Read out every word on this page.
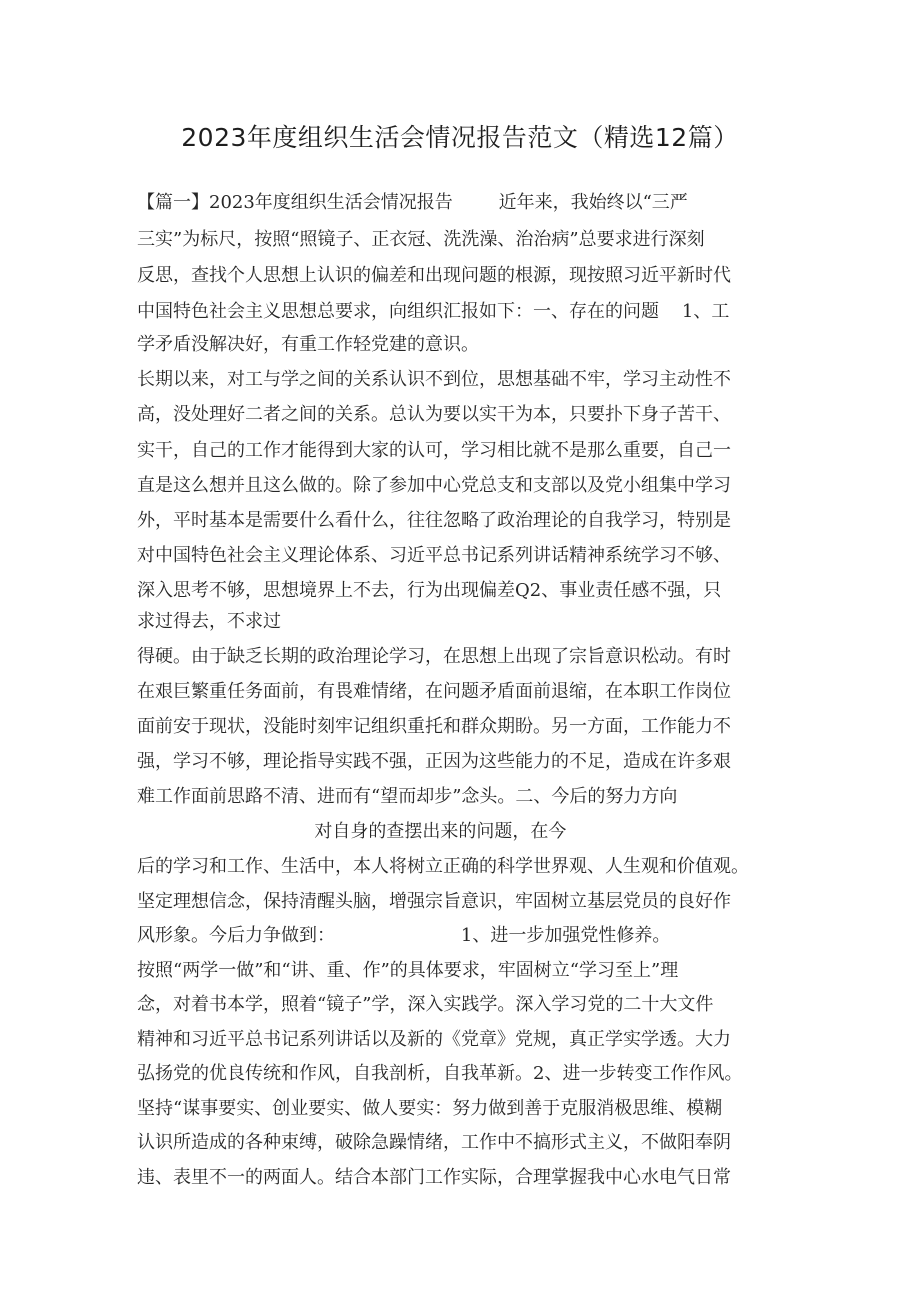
2023年度组织生活会情况报告范文（精选12篇）
【篇一】2023年度组织生活会情况报告        近年来，我始终以“三严
三实”为标尺，按照“照镜子、正衣冠、洗洗澡、治治病”总要求进行深刻
反思，查找个人思想上认识的偏差和出现问题的根源，现按照习近平新时代
中国特色社会主义思想总要求，向组织汇报如下：一、存在的问题    1、工
学矛盾没解决好，有重工作轻党建的意识。
长期以来，对工与学之间的关系认识不到位，思想基础不牢，学习主动性不
高，没处理好二者之间的关系。总认为要以实干为本，只要扑下身子苦干、
实干，自己的工作才能得到大家的认可，学习相比就不是那么重要，自己一
直是这么想并且这么做的。除了参加中心党总支和支部以及党小组集中学习
外，平时基本是需要什么看什么，往往忽略了政治理论的自我学习，特别是
对中国特色社会主义理论体系、习近平总书记系列讲话精神系统学习不够、
深入思考不够，思想境界上不去，行为出现偏差Q2、事业责任感不强，只
求过得去，不求过
得硬。由于缺乏长期的政治理论学习，在思想上出现了宗旨意识松动。有时
在艰巨繁重任务面前，有畏难情绪，在问题矛盾面前退缩，在本职工作岗位
面前安于现状，没能时刻牢记组织重托和群众期盼。另一方面，工作能力不
强，学习不够，理论指导实践不强，正因为这些能力的不足，造成在许多艰
难工作面前思路不清、进而有“望而却步”念头。二、今后的努力方向
对自身的查摆出来的问题，在今
后的学习和工作、生活中，本人将树立正确的科学世界观、人生观和价值观。
坚定理想信念，保持清醒头脑，增强宗旨意识，牢固树立基层党员的良好作
风形象。今后力争做到：                      1、进一步加强党性修养。
按照“两学一做”和“讲、重、作”的具体要求，牢固树立“学习至上”理
念，对着书本学，照着“镜子”学，深入实践学。深入学习党的二十大文件
精神和习近平总书记系列讲话以及新的《党章》党规，真正学实学透。大力
弘扬党的优良传统和作风，自我剖析，自我革新。2、进一步转变工作作风。
坚持“谋事要实、创业要实、做人要实：努力做到善于克服消极思维、模糊
认识所造成的各种束缚，破除急躁情绪，工作中不搞形式主义，不做阳奉阴
违、表里不一的两面人。结合本部门工作实际，合理掌握我中心水电气日常
